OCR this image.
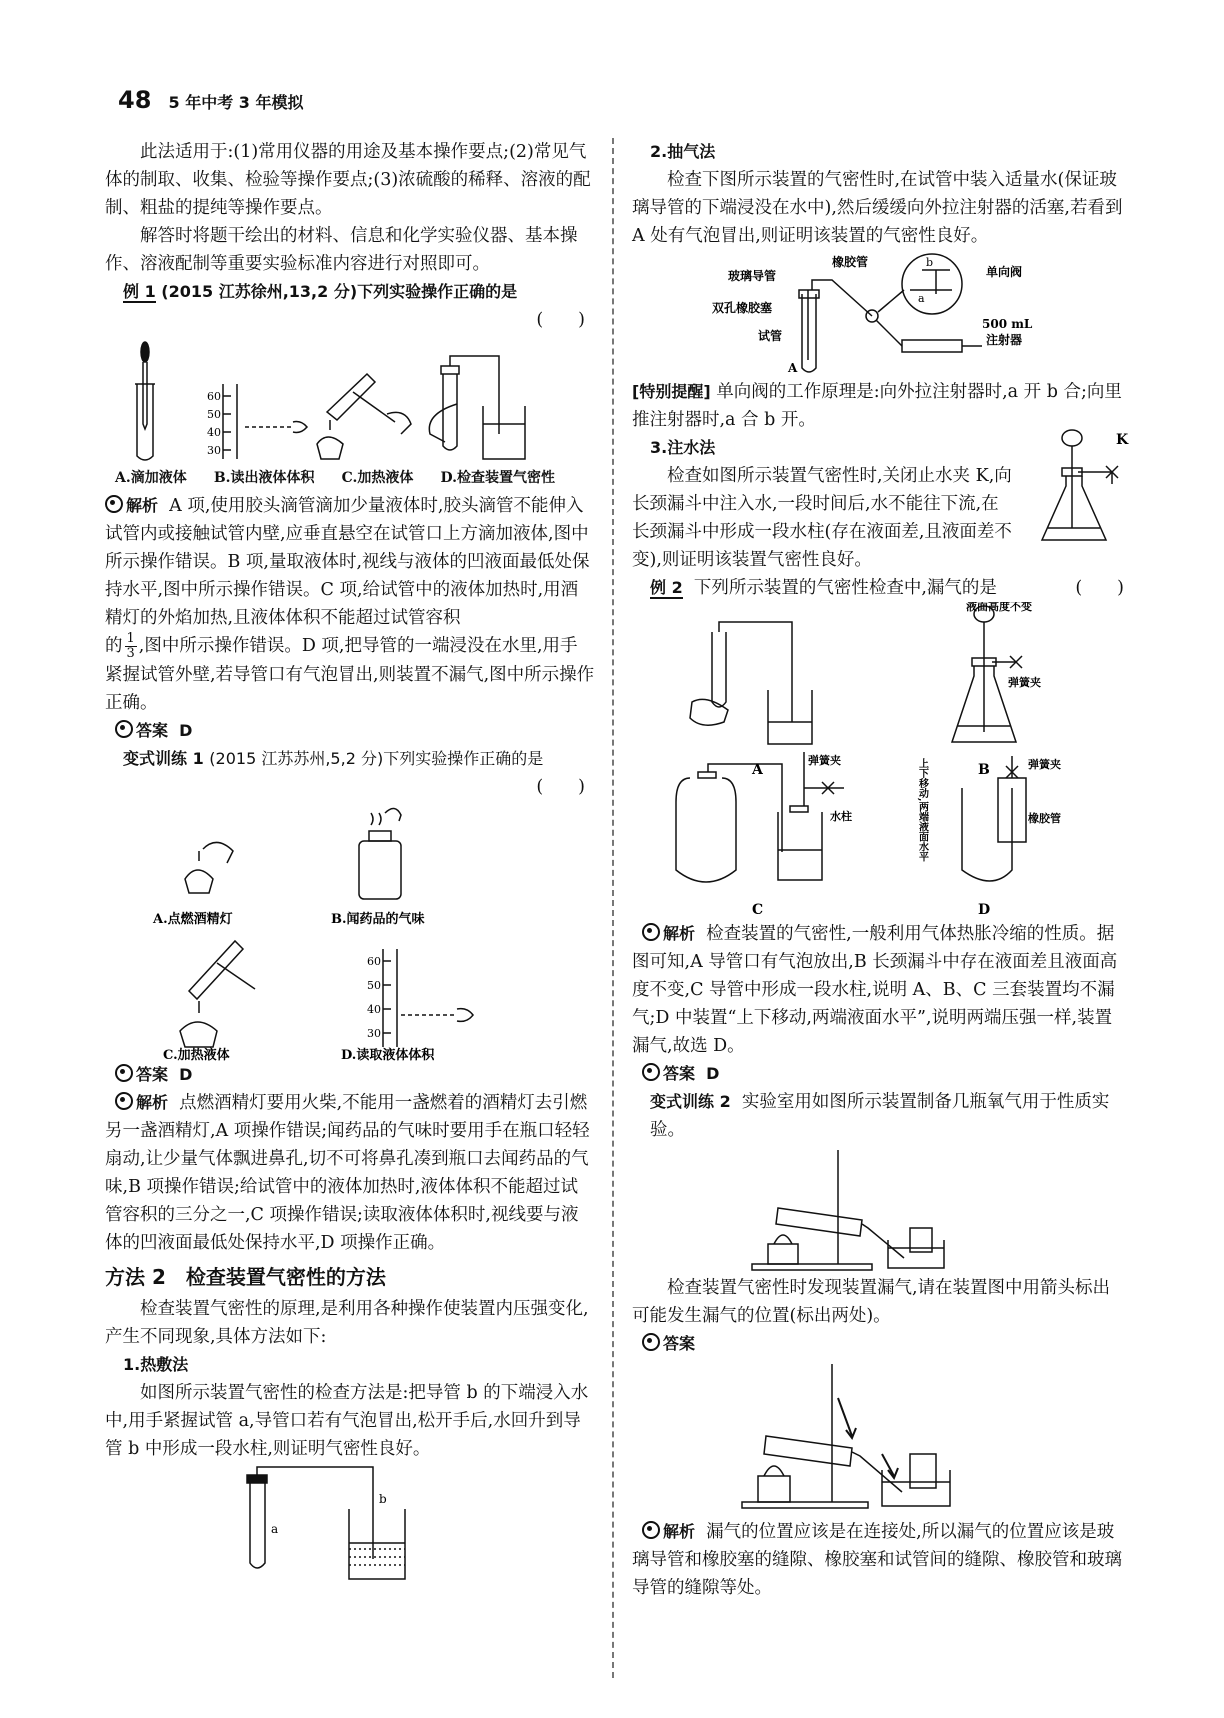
48 5 年中考 3 年模拟

此法适用于:(1)常用仪器的用途及基本操作要点;(2)常见气体的制取、收集、检验等操作要点;(3)浓硫酸的稀释、溶液的配制、粗盐的提纯等操作要点。

解答时将题干绘出的材料、信息和化学实验仪器、基本操作、溶液配制等重要实验标准内容进行对照即可。

例 1 (2015 江苏徐州,13,2 分)下列实验操作正确的是

(　　)

60
50
40
30
A.滴加液体 B.读出液体体积 C.加热液体 D.检查装置气密性

解析 A 项,使用胶头滴管滴加少量液体时,胶头滴管不能伸入试管内或接触试管内壁,应垂直悬空在试管口上方滴加液体,图中所示操作错误。B 项,量取液体时,视线与液体的凹液面最低处保持水平,图中所示操作错误。C 项,给试管中的液体加热时,用酒精灯的外焰加热,且液体体积不能超过试管容积

的 $\frac{1}{3}$ ,图中所示操作错误。D 项,把导管的一端浸没在水里,用手紧握试管外壁,若导管口有气泡冒出,则装置不漏气,图中所示操作正确。

答案 D

变式训练 1 (2015 江苏苏州,5,2 分)下列实验操作正确的是

(　　)

60
50
40
30
A.点燃酒精灯	B.闻药品的气味
C.加热液体	D.读取液体体积

答案 D

解析 点燃酒精灯要用火柴,不能用一盏燃着的酒精灯去引燃另一盏酒精灯,A 项操作错误;闻药品的气味时要用手在瓶口轻轻扇动,让少量气体飘进鼻孔,切不可将鼻孔凑到瓶口去闻药品的气味,B 项操作错误;给试管中的液体加热时,液体体积不能超过试管容积的三分之一,C 项操作错误;读取液体体积时,视线要与液体的凹液面最低处保持水平,D 项操作正确。

方法 2　检查装置气密性的方法

检查装置气密性的原理,是利用各种操作使装置内压强变化,产生不同现象,具体方法如下:

1.热敷法

如图所示装置气密性的检查方法是:把导管 b 的下端浸入水中,用手紧握试管 a,导管口若有气泡冒出,松开手后,水回升到导管 b 中形成一段水柱,则证明气密性良好。

a
b

2.抽气法

检查下图所示装置的气密性时,在试管中装入适量水(保证玻璃导管的下端浸没在水中),然后缓缓向外拉注射器的活塞,若看到 A 处有气泡冒出,则证明该装置的气密性良好。

玻璃导管
橡胶管
单向阀
双孔橡胶塞
试管
500 mL
注射器
b
a
A

[特别提醒] 单向阀的工作原理是:向外拉注射器时,a 开 b 合;向里推注射器时,a 合 b 开。

3.注水法

检查如图所示装置气密性时,关闭止水夹 K,向长颈漏斗中注入水,一段时间后,水不能往下流,在长颈漏斗中形成一段水柱(存在液面差,且液面差不变),则证明该装置气密性良好。

K

例 2 下列所示装置的气密性检查中,漏气的是	(　　)

液面高度不变
弹簧夹
弹簧夹
水柱
弹簧夹
橡胶管
上下移动,两端液面水平
A	B
C	D

解析 检查装置的气密性,一般利用气体热胀冷缩的性质。据图可知,A 导管口有气泡放出,B 长颈漏斗中存在液面差且液面高度不变,C 导管中形成一段水柱,说明 A、B、C 三套装置均不漏气;D 中装置“上下移动,两端液面水平”,说明两端压强一样,装置漏气,故选 D。

答案 D

变式训练 2 实验室用如图所示装置制备几瓶氧气用于性质实验。

检查装置气密性时发现装置漏气,请在装置图中用箭头标出可能发生漏气的位置(标出两处)。

答案

解析 漏气的位置应该是在连接处,所以漏气的位置应该是玻璃导管和橡胶塞的缝隙、橡胶塞和试管间的缝隙、橡胶管和玻璃导管的缝隙等处。
